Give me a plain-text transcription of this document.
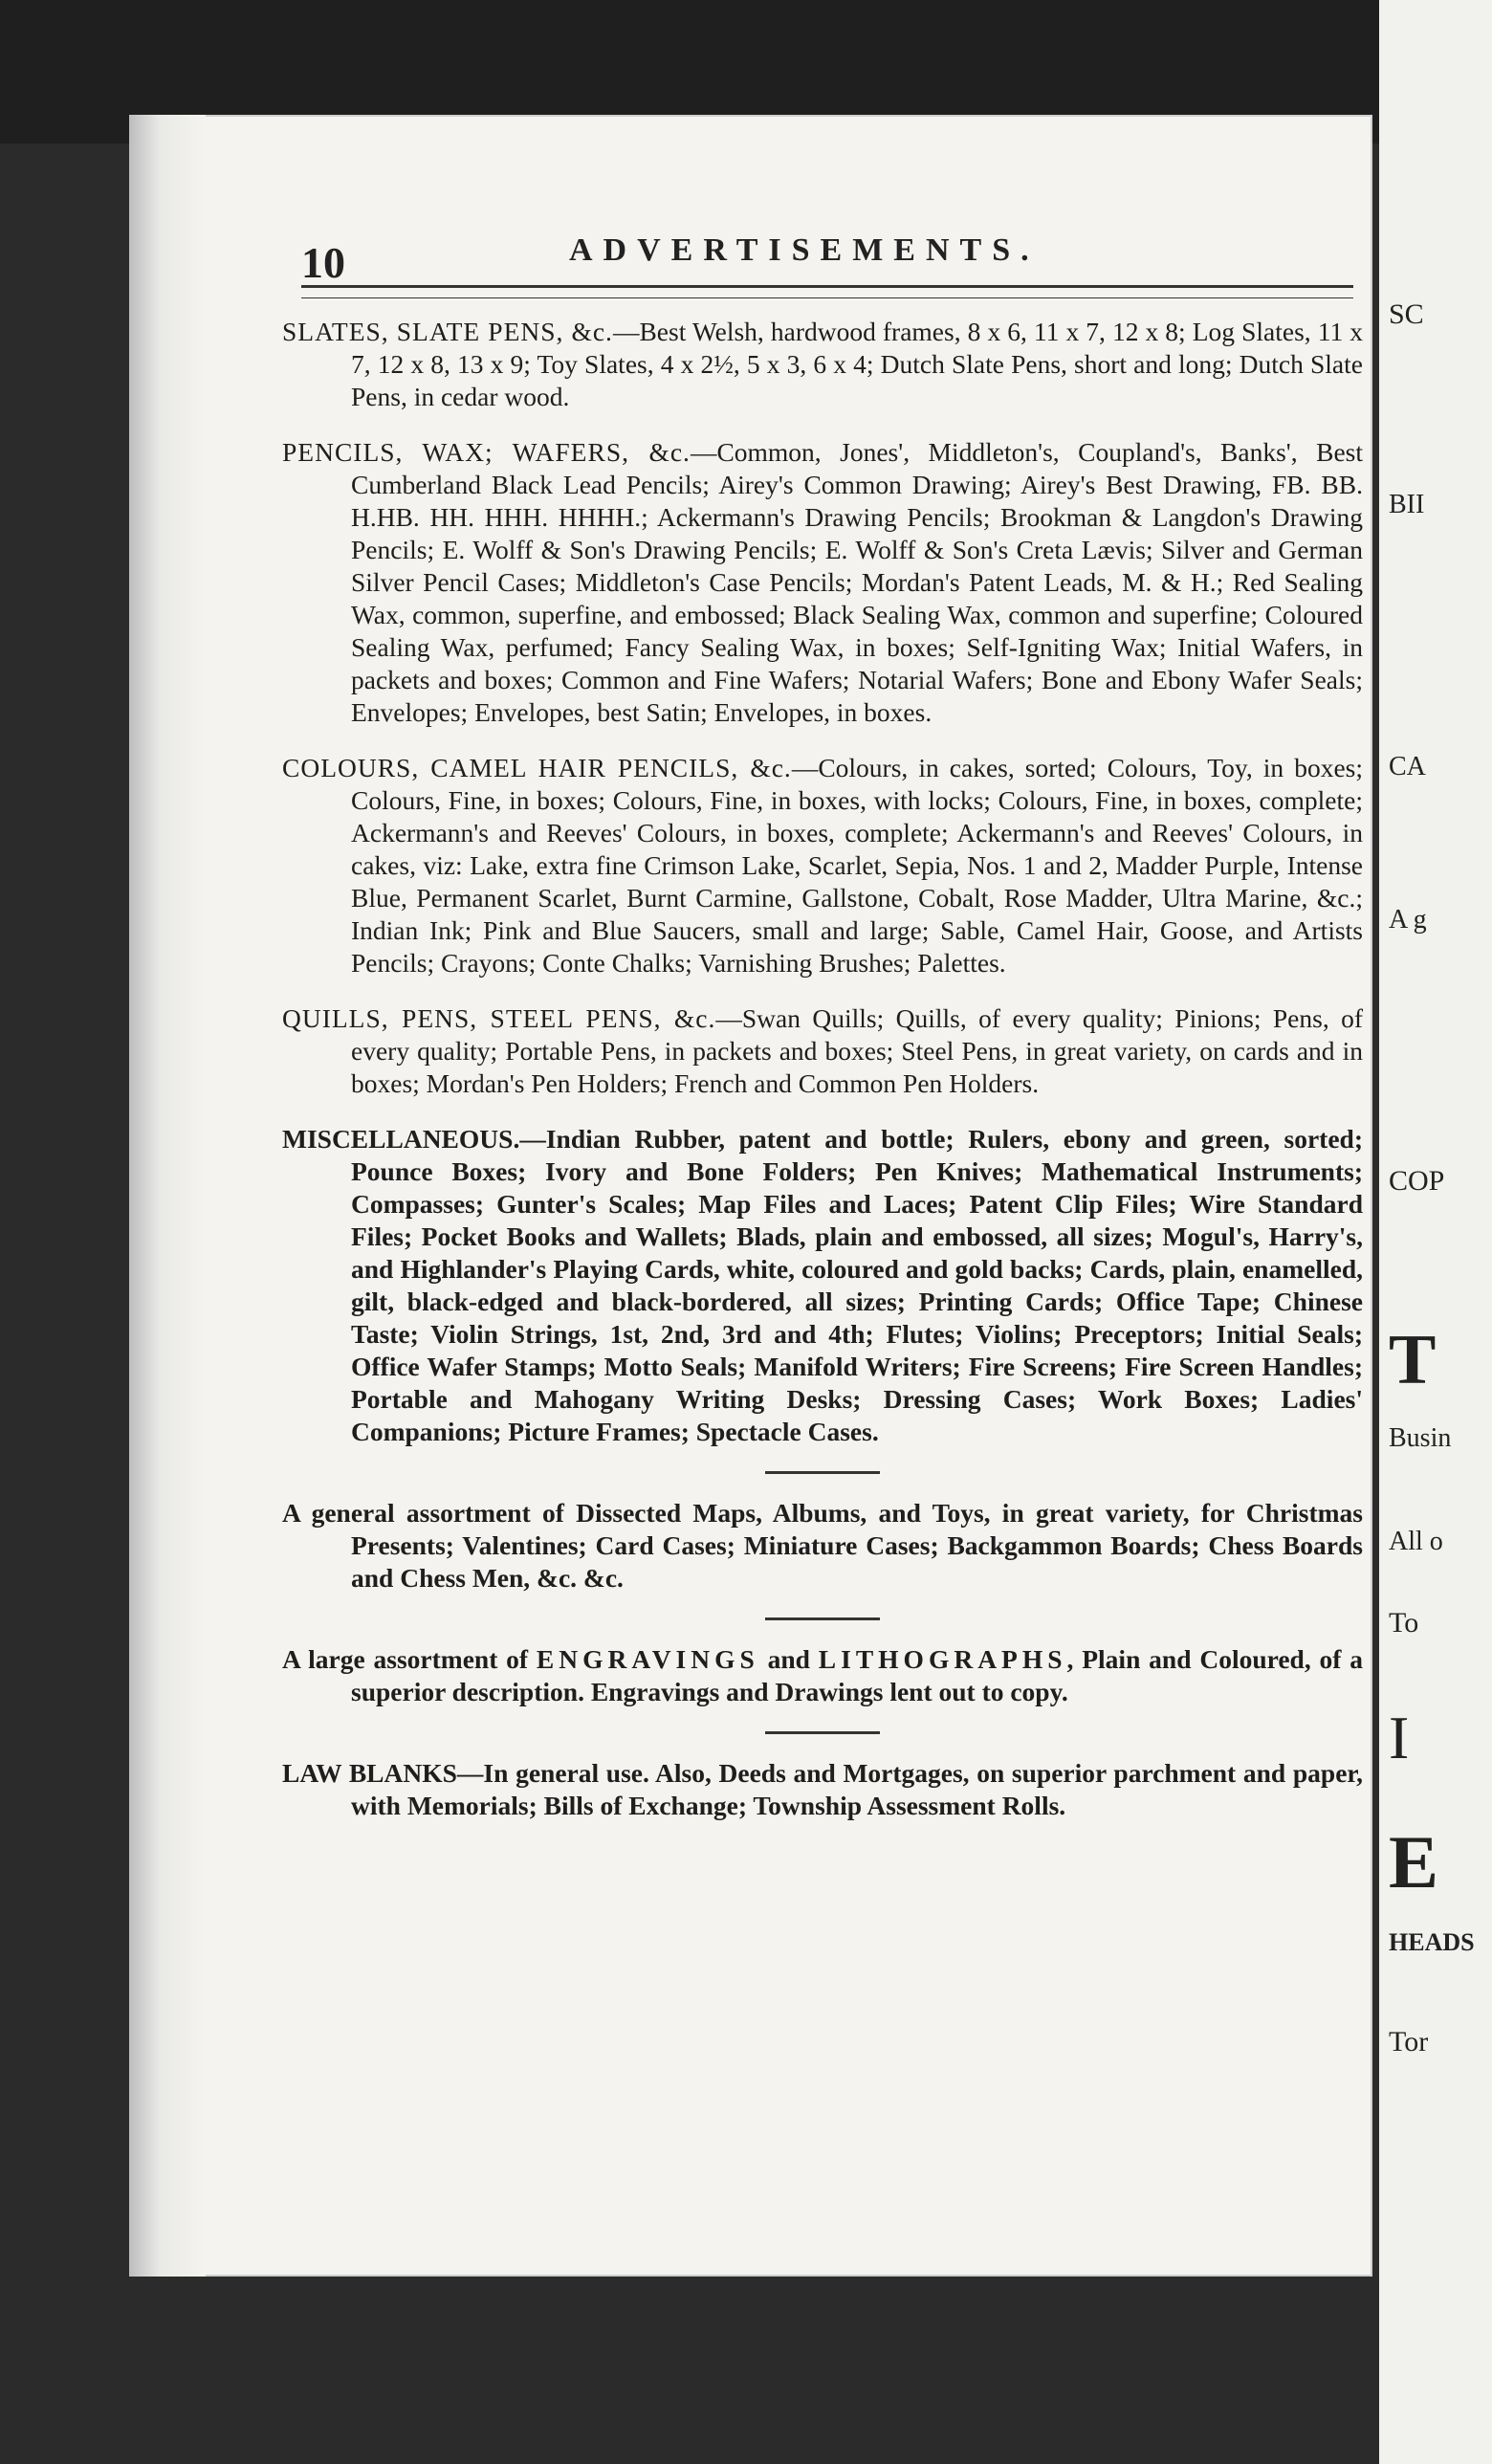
SC
BII
CA
A g
COP
T
Busin
All o
To
I
E
HEADS
Tor
10	ADVERTISEMENTS.

SLATES, SLATE PENS, &c.—Best Welsh, hardwood frames, 8 x 6, 11 x 7, 12 x 8; Log Slates, 11 x 7, 12 x 8, 13 x 9; Toy Slates, 4 x 2½, 5 x 3, 6 x 4; Dutch Slate Pens, short and long; Dutch Slate Pens, in cedar wood.

PENCILS, WAX; WAFERS, &c.—Common, Jones', Middleton's, Coupland's, Banks', Best Cumberland Black Lead Pencils; Airey's Common Drawing; Airey's Best Drawing, FB. BB. H.HB. HH. HHH. HHHH.; Ackermann's Drawing Pencils; Brookman & Langdon's Drawing Pencils; E. Wolff & Son's Drawing Pencils; E. Wolff & Son's Creta Lævis; Silver and German Silver Pencil Cases; Middleton's Case Pencils; Mordan's Patent Leads, M. & H.; Red Sealing Wax, common, superfine, and embossed; Black Sealing Wax, common and superfine; Coloured Sealing Wax, perfumed; Fancy Sealing Wax, in boxes; Self-Igniting Wax; Initial Wafers, in packets and boxes; Common and Fine Wafers; Notarial Wafers; Bone and Ebony Wafer Seals; Envelopes; Envelopes, best Satin; Envelopes, in boxes.

COLOURS, CAMEL HAIR PENCILS, &c.—Colours, in cakes, sorted; Colours, Toy, in boxes; Colours, Fine, in boxes; Colours, Fine, in boxes, with locks; Colours, Fine, in boxes, complete; Ackermann's and Reeves' Colours, in boxes, complete; Ackermann's and Reeves' Colours, in cakes, viz: Lake, extra fine Crimson Lake, Scarlet, Sepia, Nos. 1 and 2, Madder Purple, Intense Blue, Permanent Scarlet, Burnt Carmine, Gallstone, Cobalt, Rose Madder, Ultra Marine, &c.; Indian Ink; Pink and Blue Saucers, small and large; Sable, Camel Hair, Goose, and Artists Pencils; Crayons; Conte Chalks; Varnishing Brushes; Palettes.

QUILLS, PENS, STEEL PENS, &c.—Swan Quills; Quills, of every quality; Pinions; Pens, of every quality; Portable Pens, in packets and boxes; Steel Pens, in great variety, on cards and in boxes; Mordan's Pen Holders; French and Common Pen Holders.

MISCELLANEOUS.—Indian Rubber, patent and bottle; Rulers, ebony and green, sorted; Pounce Boxes; Ivory and Bone Folders; Pen Knives; Mathematical Instruments; Compasses; Gunter's Scales; Map Files and Laces; Patent Clip Files; Wire Standard Files; Pocket Books and Wallets; Blads, plain and embossed, all sizes; Mogul's, Harry's, and Highlander's Playing Cards, white, coloured and gold backs; Cards, plain, enamelled, gilt, black-edged and black-bordered, all sizes; Printing Cards; Office Tape; Chinese Taste; Violin Strings, 1st, 2nd, 3rd and 4th; Flutes; Violins; Preceptors; Initial Seals; Office Wafer Stamps; Motto Seals; Manifold Writers; Fire Screens; Fire Screen Handles; Portable and Mahogany Writing Desks; Dressing Cases; Work Boxes; Ladies' Companions; Picture Frames; Spectacle Cases.

A general assortment of Dissected Maps, Albums, and Toys, in great variety, for Christmas Presents; Valentines; Card Cases; Miniature Cases; Backgammon Boards; Chess Boards and Chess Men, &c. &c.

A large assortment of ENGRAVINGS and LITHOGRAPHS, Plain and Coloured, of a superior description. Engravings and Drawings lent out to copy.

LAW BLANKS—In general use. Also, Deeds and Mortgages, on superior parchment and paper, with Memorials; Bills of Exchange; Township Assessment Rolls.
